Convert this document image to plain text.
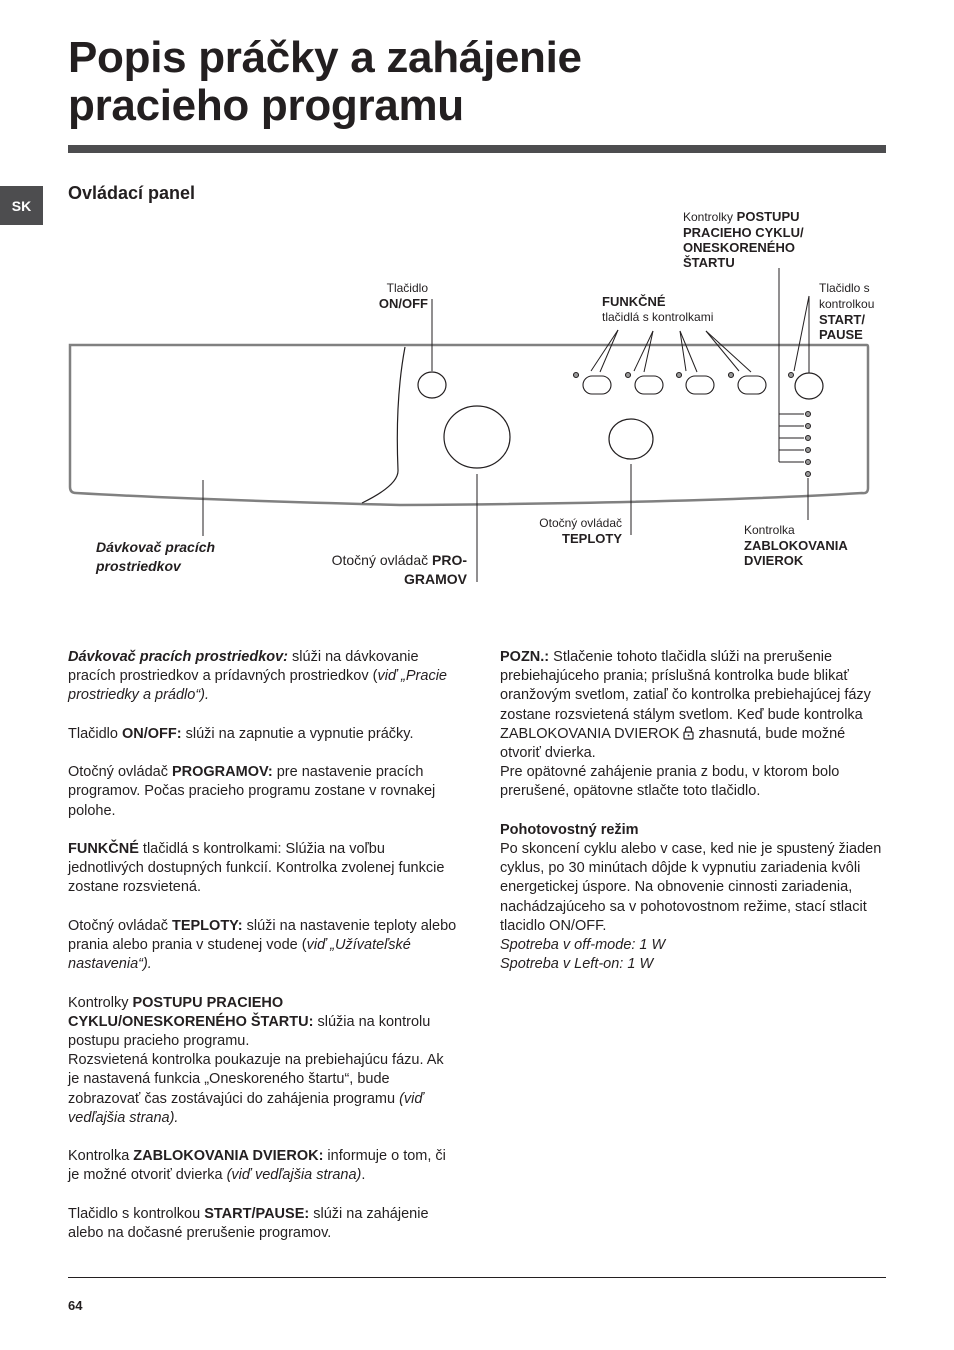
Popis práčky a zahájenie
pracieho programu
SK
Ovládací panel
Kontrolky POSTUPU
PRACIEHO CYKLU/
ONESKORENÉHO
ŠTARTU
Tlačidlo
ON/OFF	FUNKČNÉ
tlačidlá s kontrolkami
Tlačidlo s
kontrolkou
START/
PAUSE
Otočný ovládač
TEPLOTY
Kontrolka
ZABLOKOVANIA
DVIEROK
Dávkovač pracích
prostriedkov	Otočný ovládač PRO-
GRAMOV

Dávkovač pracích prostriedkov: slúži na dávkovanie pracích prostriedkov a prídavných prostriedkov (viď „Pracie prostriedky a prádlo“).

Tlačidlo ON/OFF: slúži na zapnutie a vypnutie práčky.

Otočný ovládač PROGRAMOV: pre nastavenie pracích programov. Počas pracieho programu zostane v rovnakej polohe.

FUNKČNÉ tlačidlá s kontrolkami: Slúžia na voľbu jednotlivých dostupných funkcií. Kontrolka zvolenej funkcie zostane rozsvietená.

Otočný ovládač TEPLOTY: slúži na nastavenie teploty alebo prania alebo prania v studenej vode (viď „Užívateľské nastavenia“).

Kontrolky POSTUPU PRACIEHO CYKLU/ONESKORENÉHO ŠTARTU: slúžia na kontrolu postupu pracieho programu.
Rozsvietená kontrolka poukazuje na prebiehajúcu fázu. Ak je nastavená funkcia „Oneskoreného štartu“, bude zobrazovať čas zostávajúci do zahájenia programu (viď vedľajšia strana).

Kontrolka ZABLOKOVANIA DVIEROK: informuje o tom, či je možné otvoriť dvierka (viď vedľajšia strana).

Tlačidlo s kontrolkou START/PAUSE: slúži na zahájenie alebo na dočasné prerušenie programov.

POZN.: Stlačenie tohoto tlačidla slúži na prerušenie prebiehajúceho prania; príslušná kontrolka bude blikať oranžovým svetlom, zatiaľ čo kontrolka prebiehajúcej fázy zostane rozsvietená stálym svetlom. Keď bude kontrolka ZABLOKOVANIA DVIEROK  zhasnutá, bude možné otvoriť dvierka.
Pre opätovné zahájenie prania z bodu, v ktorom bolo prerušené, opätovne stlačte toto tlačidlo.

Pohotovostný režim
Po skoncení cyklu alebo v case, ked nie je spustený žiaden cyklus, po 30 minútach dôjde k vypnutiu zariadenia kvôli energetickej úspore. Na obnovenie cinnosti zariadenia, nachádzajúceho sa v pohotovostnom režime, stací stlacit tlacidlo ON/OFF.
Spotreba v off-mode: 1 W
Spotreba v Left-on: 1 W

64
